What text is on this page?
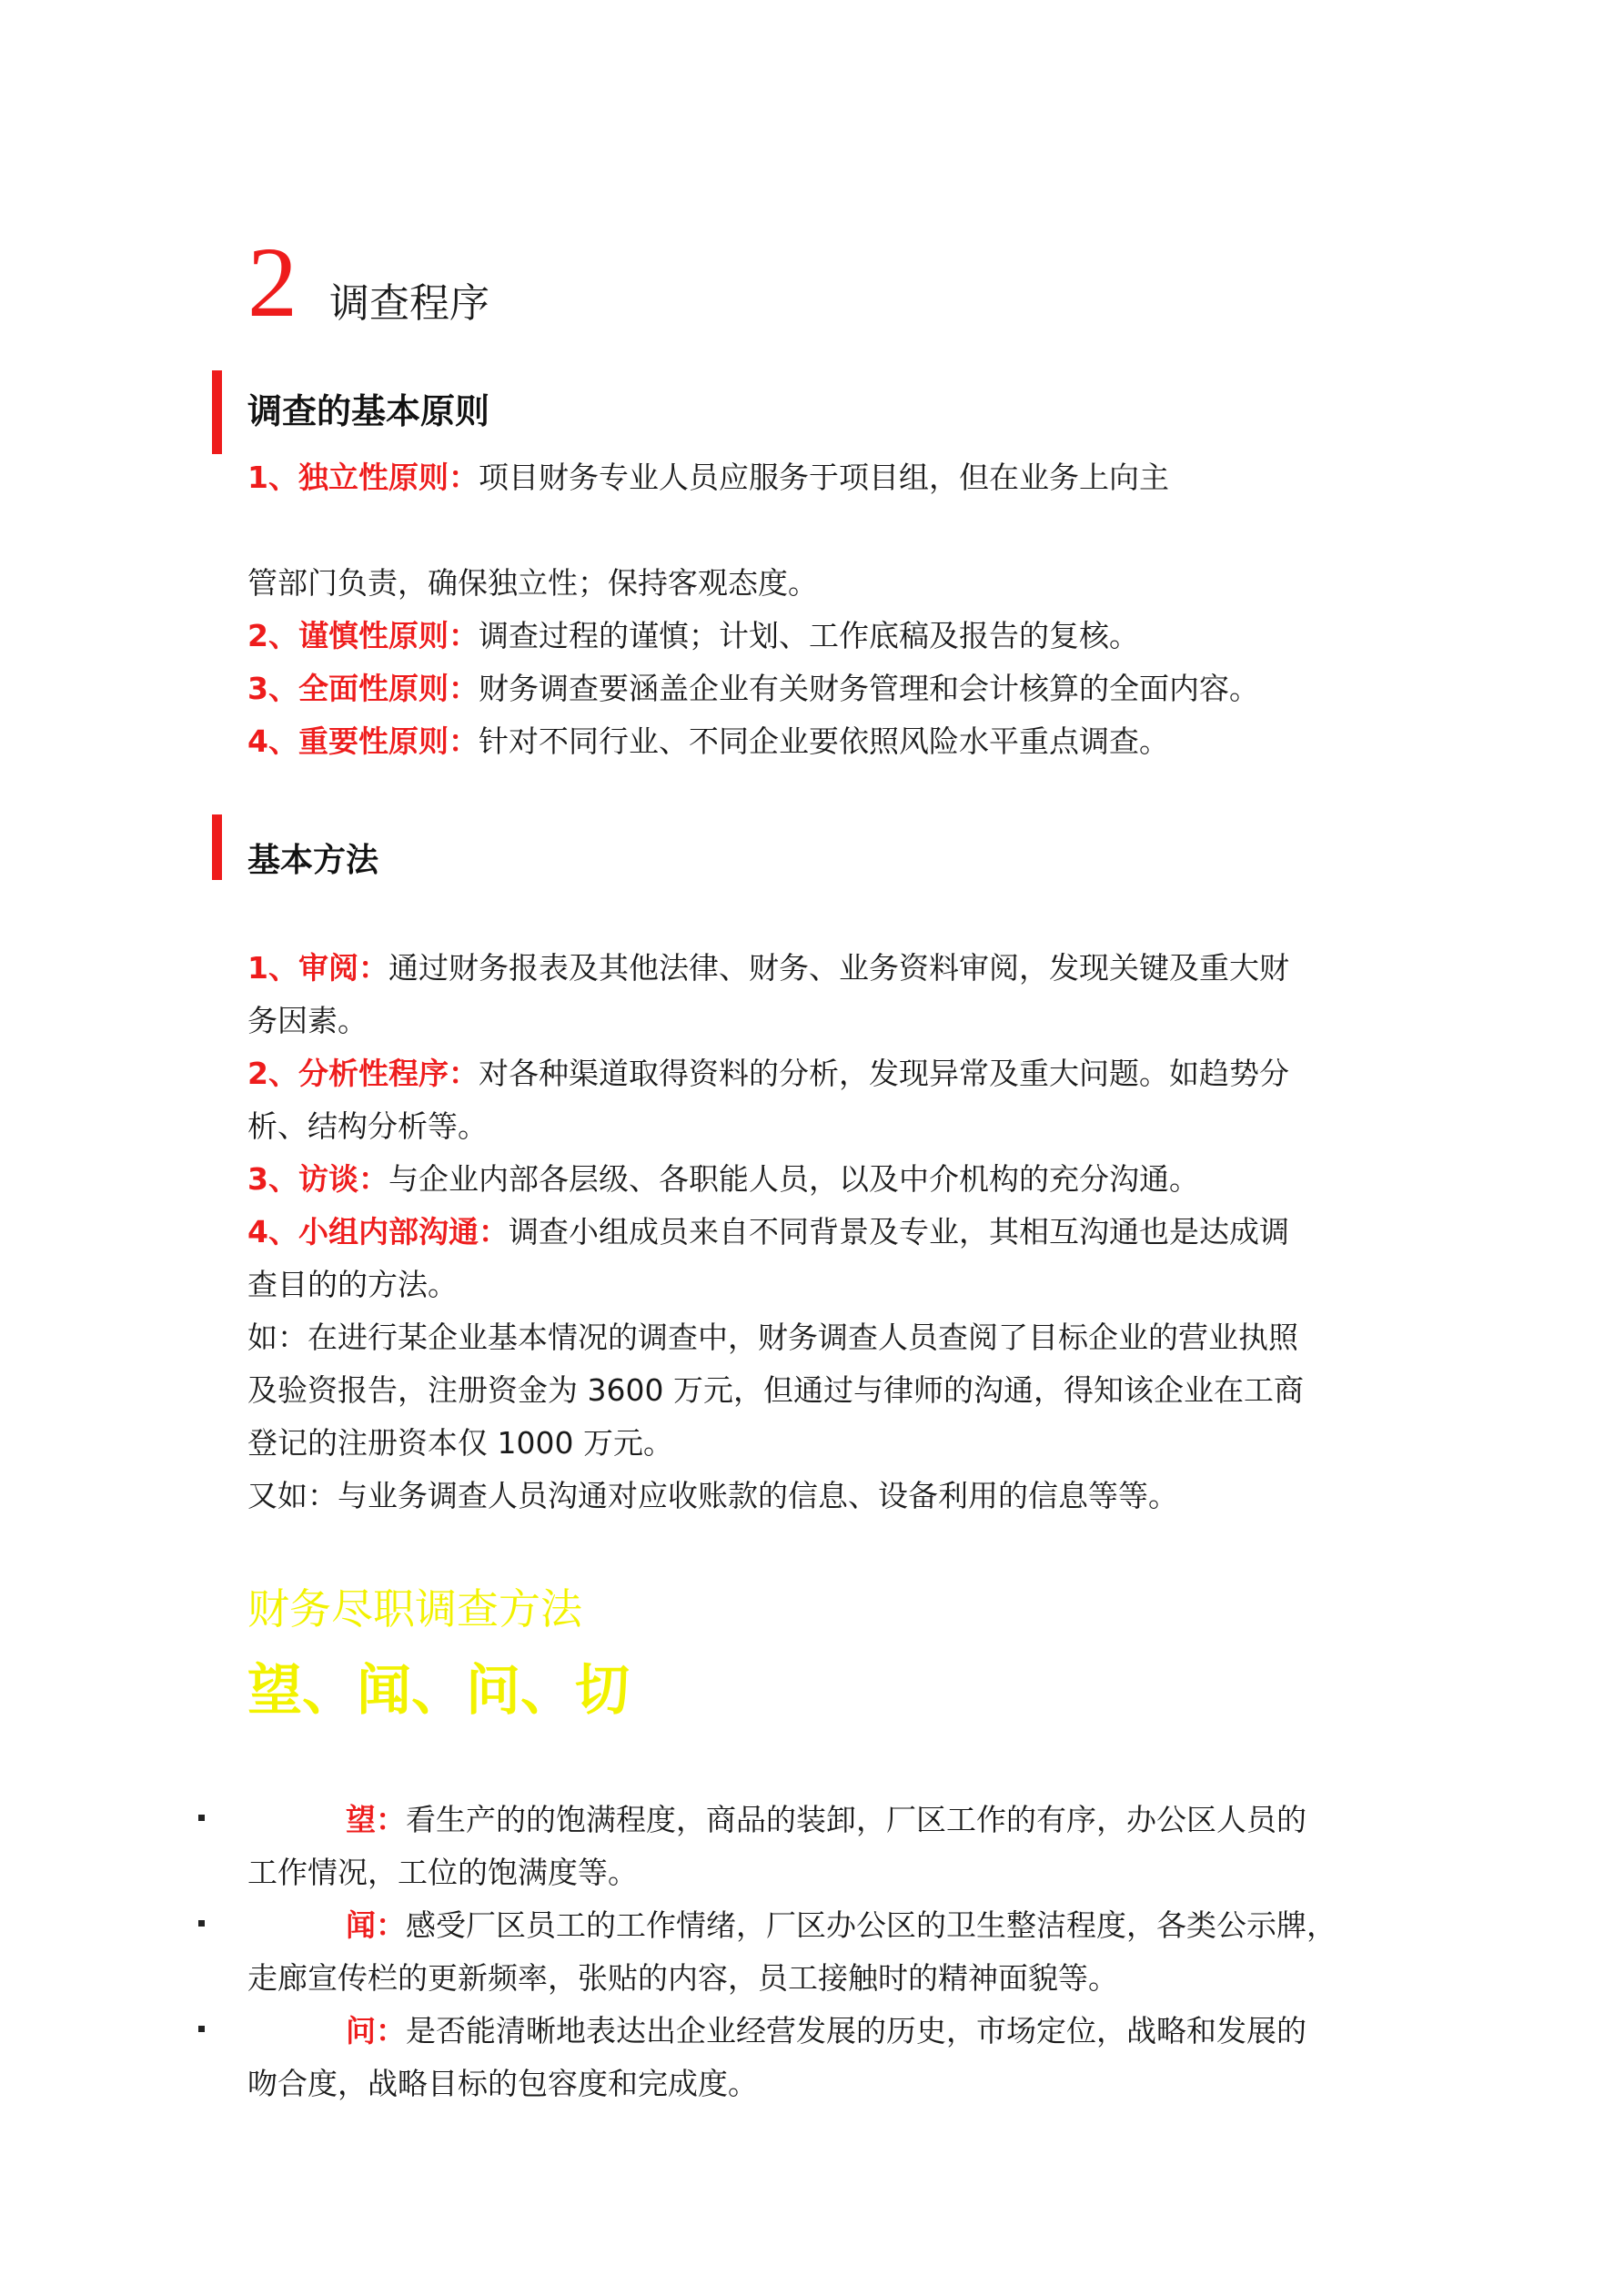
2 调查程序
调查的基本原则
1、独立性原则：项目财务专业人员应服务于项目组，但在业务上向主
管部门负责，确保独立性；保持客观态度。
2、谨慎性原则：调查过程的谨慎；计划、工作底稿及报告的复核。
3、全面性原则：财务调查要涵盖企业有关财务管理和会计核算的全面内容。
4、重要性原则：针对不同行业、不同企业要依照风险水平重点调查。
基本方法
1、审阅：通过财务报表及其他法律、财务、业务资料审阅，发现关键及重大财
务因素。
2、分析性程序：对各种渠道取得资料的分析，发现异常及重大问题。如趋势分
析、结构分析等。
3、访谈：与企业内部各层级、各职能人员，以及中介机构的充分沟通。
4、小组内部沟通：调查小组成员来自不同背景及专业，其相互沟通也是达成调
查目的的方法。
如：在进行某企业基本情况的调查中，财务调查人员查阅了目标企业的营业执照
及验资报告，注册资金为 3600 万元，但通过与律师的沟通，得知该企业在工商
登记的注册资本仅 1000 万元。
又如：与业务调查人员沟通对应收账款的信息、设备利用的信息等等。
财务尽职调查方法
望、闻、问、切
望：看生产的的饱满程度，商品的装卸，厂区工作的有序，办公区人员的
工作情况，工位的饱满度等。
闻：感受厂区员工的工作情绪，厂区办公区的卫生整洁程度，各类公示牌，
走廊宣传栏的更新频率，张贴的内容，员工接触时的精神面貌等。
问：是否能清晰地表达出企业经营发展的历史，市场定位，战略和发展的
吻合度，战略目标的包容度和完成度。
